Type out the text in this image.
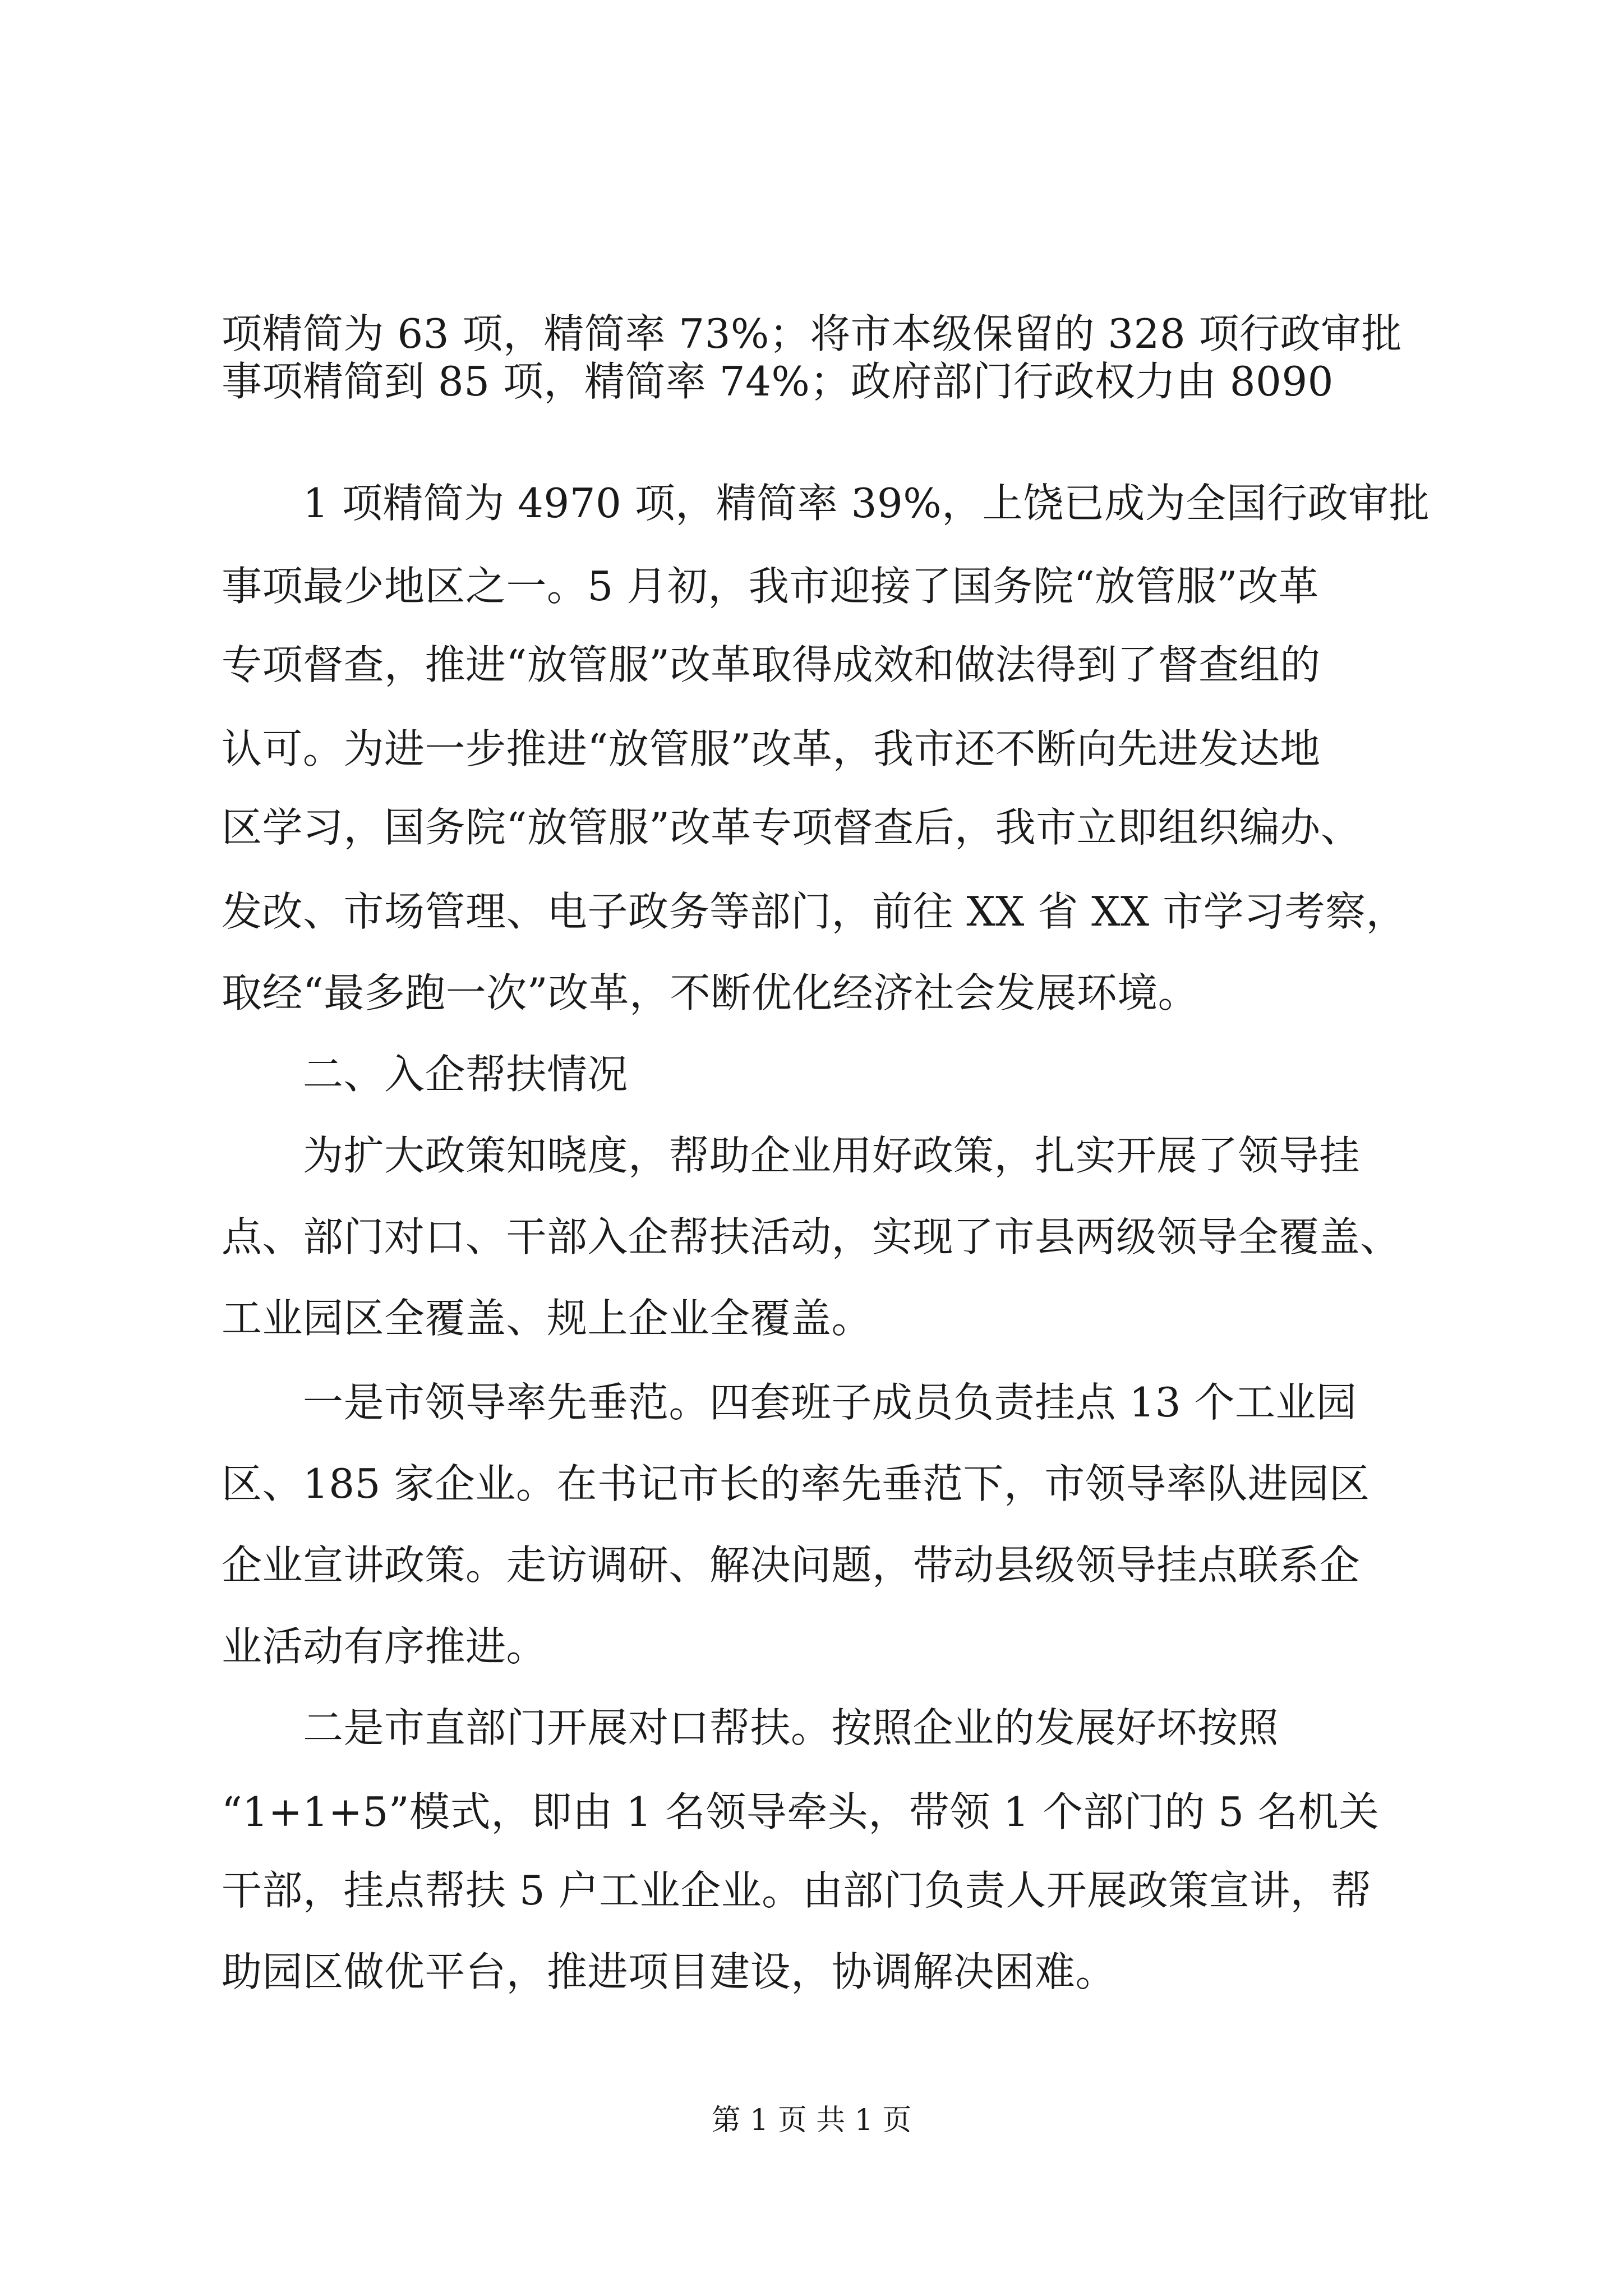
项精简为 63 项，精简率 73%；将市本级保留的 328 项行政审批
事项精简到 85 项，精简率 74%；政府部门行政权力由 8090
1 项精简为 4970 项，精简率 39%，上饶已成为全国行政审批
事项最少地区之一。5 月初，我市迎接了国务院“放管服”改革
专项督查，推进“放管服”改革取得成效和做法得到了督查组的
认可。为进一步推进“放管服”改革，我市还不断向先进发达地
区学习，国务院“放管服”改革专项督查后，我市立即组织编办、
发改、市场管理、电子政务等部门，前往 XX 省 XX 市学习考察，
取经“最多跑一次”改革，不断优化经济社会发展环境。
二、入企帮扶情况
为扩大政策知晓度，帮助企业用好政策，扎实开展了领导挂
点、部门对口、干部入企帮扶活动，实现了市县两级领导全覆盖、
工业园区全覆盖、规上企业全覆盖。
一是市领导率先垂范。四套班子成员负责挂点 13 个工业园
区、185 家企业。在书记市长的率先垂范下，市领导率队进园区
企业宣讲政策。走访调研、解决问题，带动县级领导挂点联系企
业活动有序推进。
二是市直部门开展对口帮扶。按照企业的发展好坏按照
“1+1+5”模式，即由 1 名领导牵头，带领 1 个部门的 5 名机关
干部，挂点帮扶 5 户工业企业。由部门负责人开展政策宣讲，帮
助园区做优平台，推进项目建设，协调解决困难。
第 1 页 共 1 页
